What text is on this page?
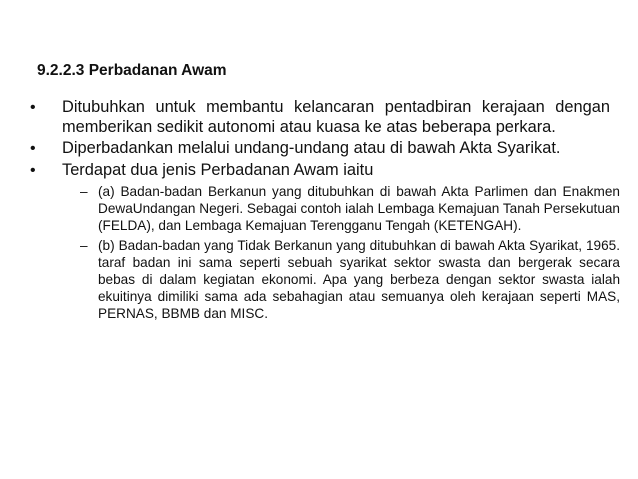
9.2.2.3 Perbadanan Awam
• Ditubuhkan untuk membantu kelancaran pentadbiran kerajaan dengan memberikan sedikit autonomi atau kuasa ke atas beberapa perkara.
• Diperbadankan melalui undang-undang atau di bawah Akta Syarikat.
• Terdapat dua jenis Perbadanan Awam iaitu
– (a) Badan-badan Berkanun yang ditubuhkan di bawah Akta Parlimen dan Enakmen DewaUndangan Negeri. Sebagai contoh ialah Lembaga Kemajuan Tanah Persekutuan (FELDA), dan Lembaga Kemajuan Terengganu Tengah (KETENGAH).
– (b) Badan-badan yang Tidak Berkanun yang ditubuhkan di bawah Akta Syarikat, 1965. taraf badan ini sama seperti sebuah syarikat sektor swasta dan bergerak secara bebas di dalam kegiatan ekonomi. Apa yang berbeza dengan sektor swasta ialah ekuitinya dimiliki sama ada sebahagian atau semuanya oleh kerajaan seperti MAS, PERNAS, BBMB dan MISC.
